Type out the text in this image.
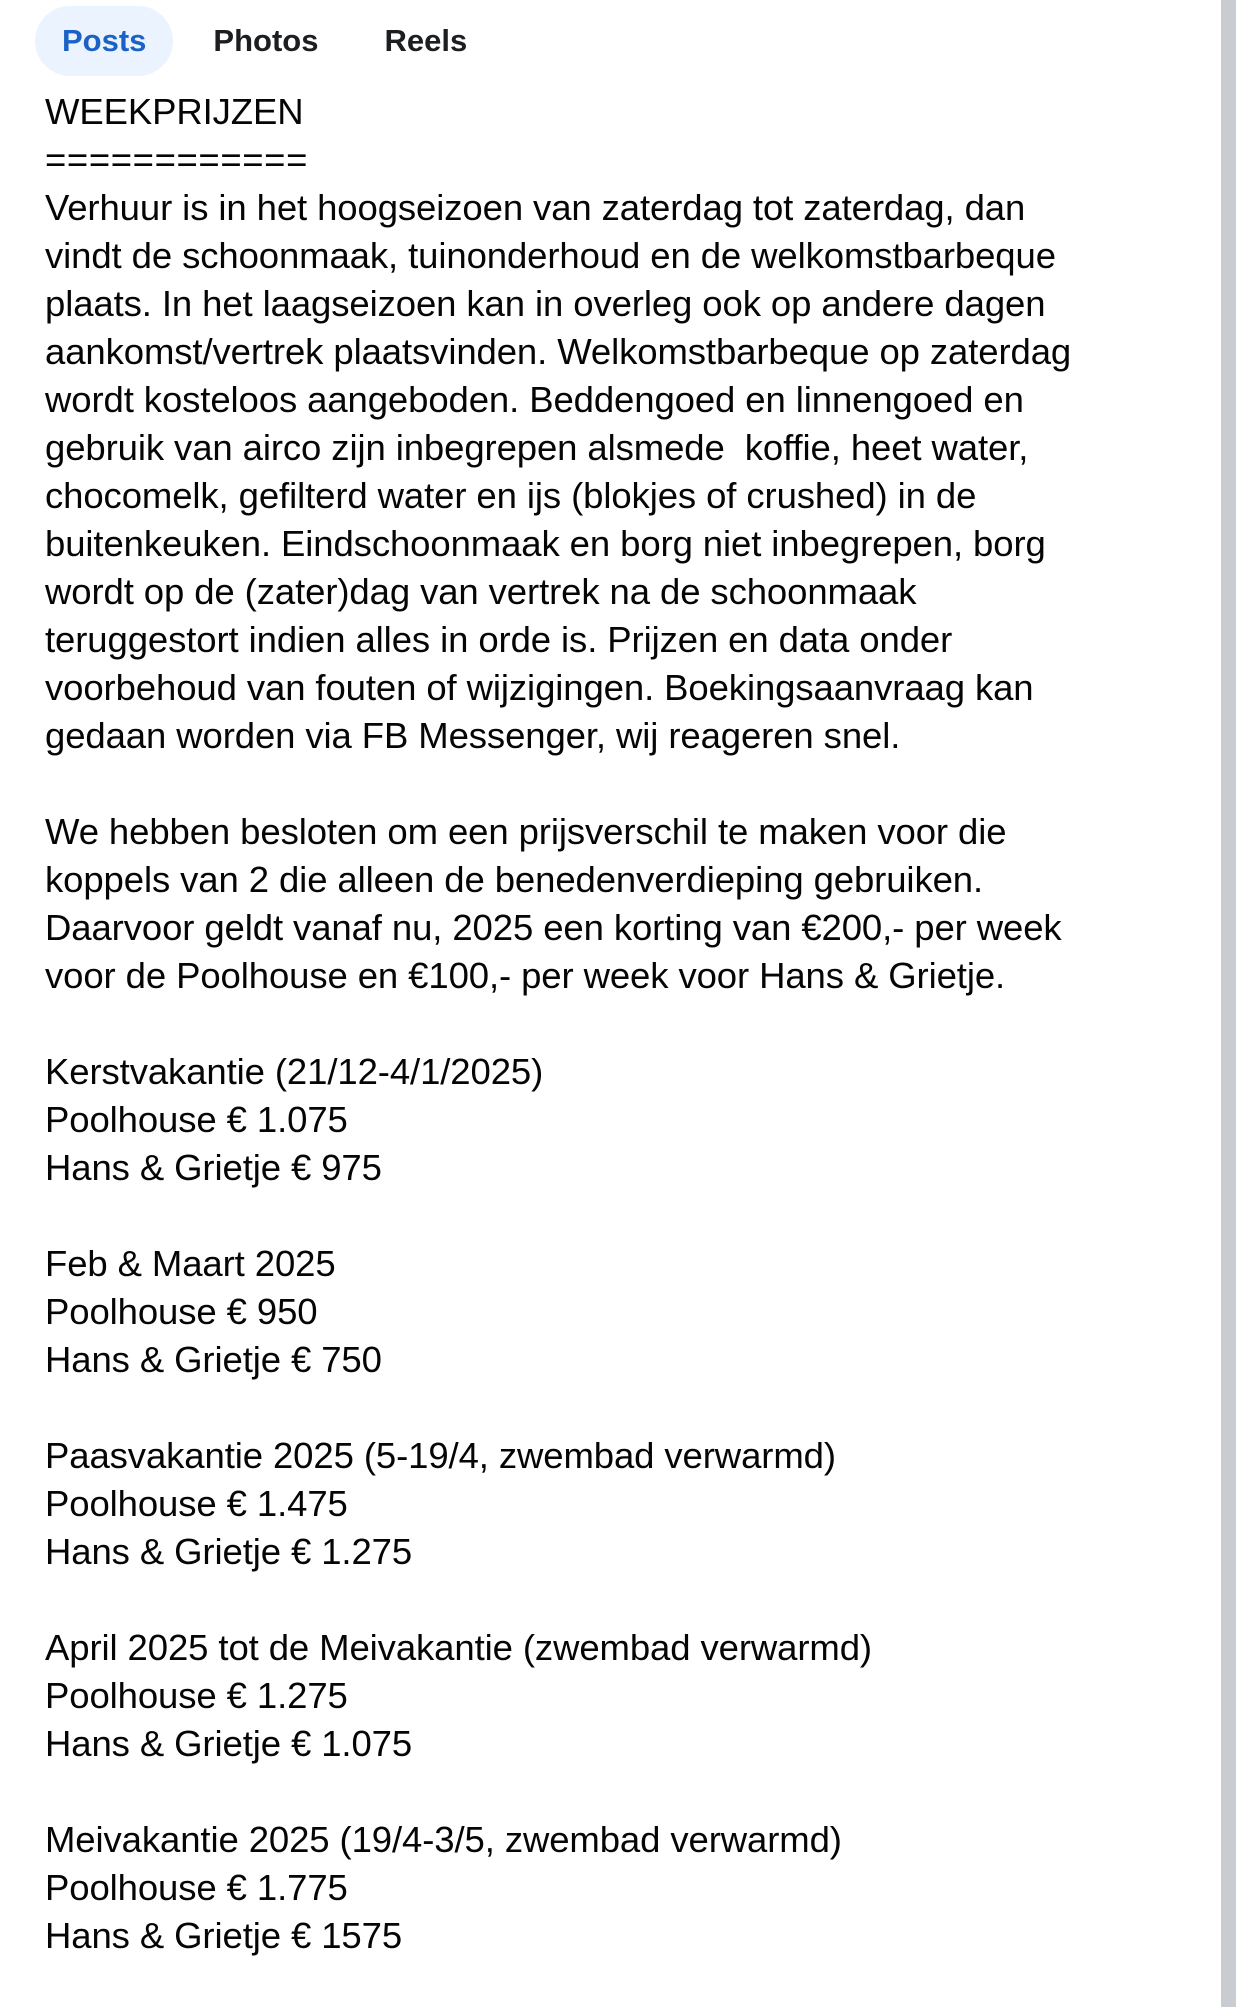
Posts Photos Reels
WEEKPRIJZEN
============
Verhuur is in het hoogseizoen van zaterdag tot zaterdag, dan
vindt de schoonmaak, tuinonderhoud en de welkomstbarbeque
plaats. In het laagseizoen kan in overleg ook op andere dagen
aankomst/vertrek plaatsvinden. Welkomstbarbeque op zaterdag
wordt kosteloos aangeboden. Beddengoed en linnengoed en
gebruik van airco zijn inbegrepen alsmede  koffie, heet water,
chocomelk, gefilterd water en ijs (blokjes of crushed) in de
buitenkeuken. Eindschoonmaak en borg niet inbegrepen, borg
wordt op de (zater)dag van vertrek na de schoonmaak
teruggestort indien alles in orde is. Prijzen en data onder
voorbehoud van fouten of wijzigingen. Boekingsaanvraag kan
gedaan worden via FB Messenger, wij reageren snel.
We hebben besloten om een prijsverschil te maken voor die
koppels van 2 die alleen de benedenverdieping gebruiken.
Daarvoor geldt vanaf nu, 2025 een korting van €200,- per week
voor de Poolhouse en €100,- per week voor Hans & Grietje.
Kerstvakantie (21/12-4/1/2025)
Poolhouse € 1.075
Hans & Grietje € 975
Feb & Maart 2025
Poolhouse € 950
Hans & Grietje € 750
Paasvakantie 2025 (5-19/4, zwembad verwarmd)
Poolhouse € 1.475
Hans & Grietje € 1.275
April 2025 tot de Meivakantie (zwembad verwarmd)
Poolhouse € 1.275
Hans & Grietje € 1.075
Meivakantie 2025 (19/4-3/5, zwembad verwarmd)
Poolhouse € 1.775
Hans & Grietje € 1575
